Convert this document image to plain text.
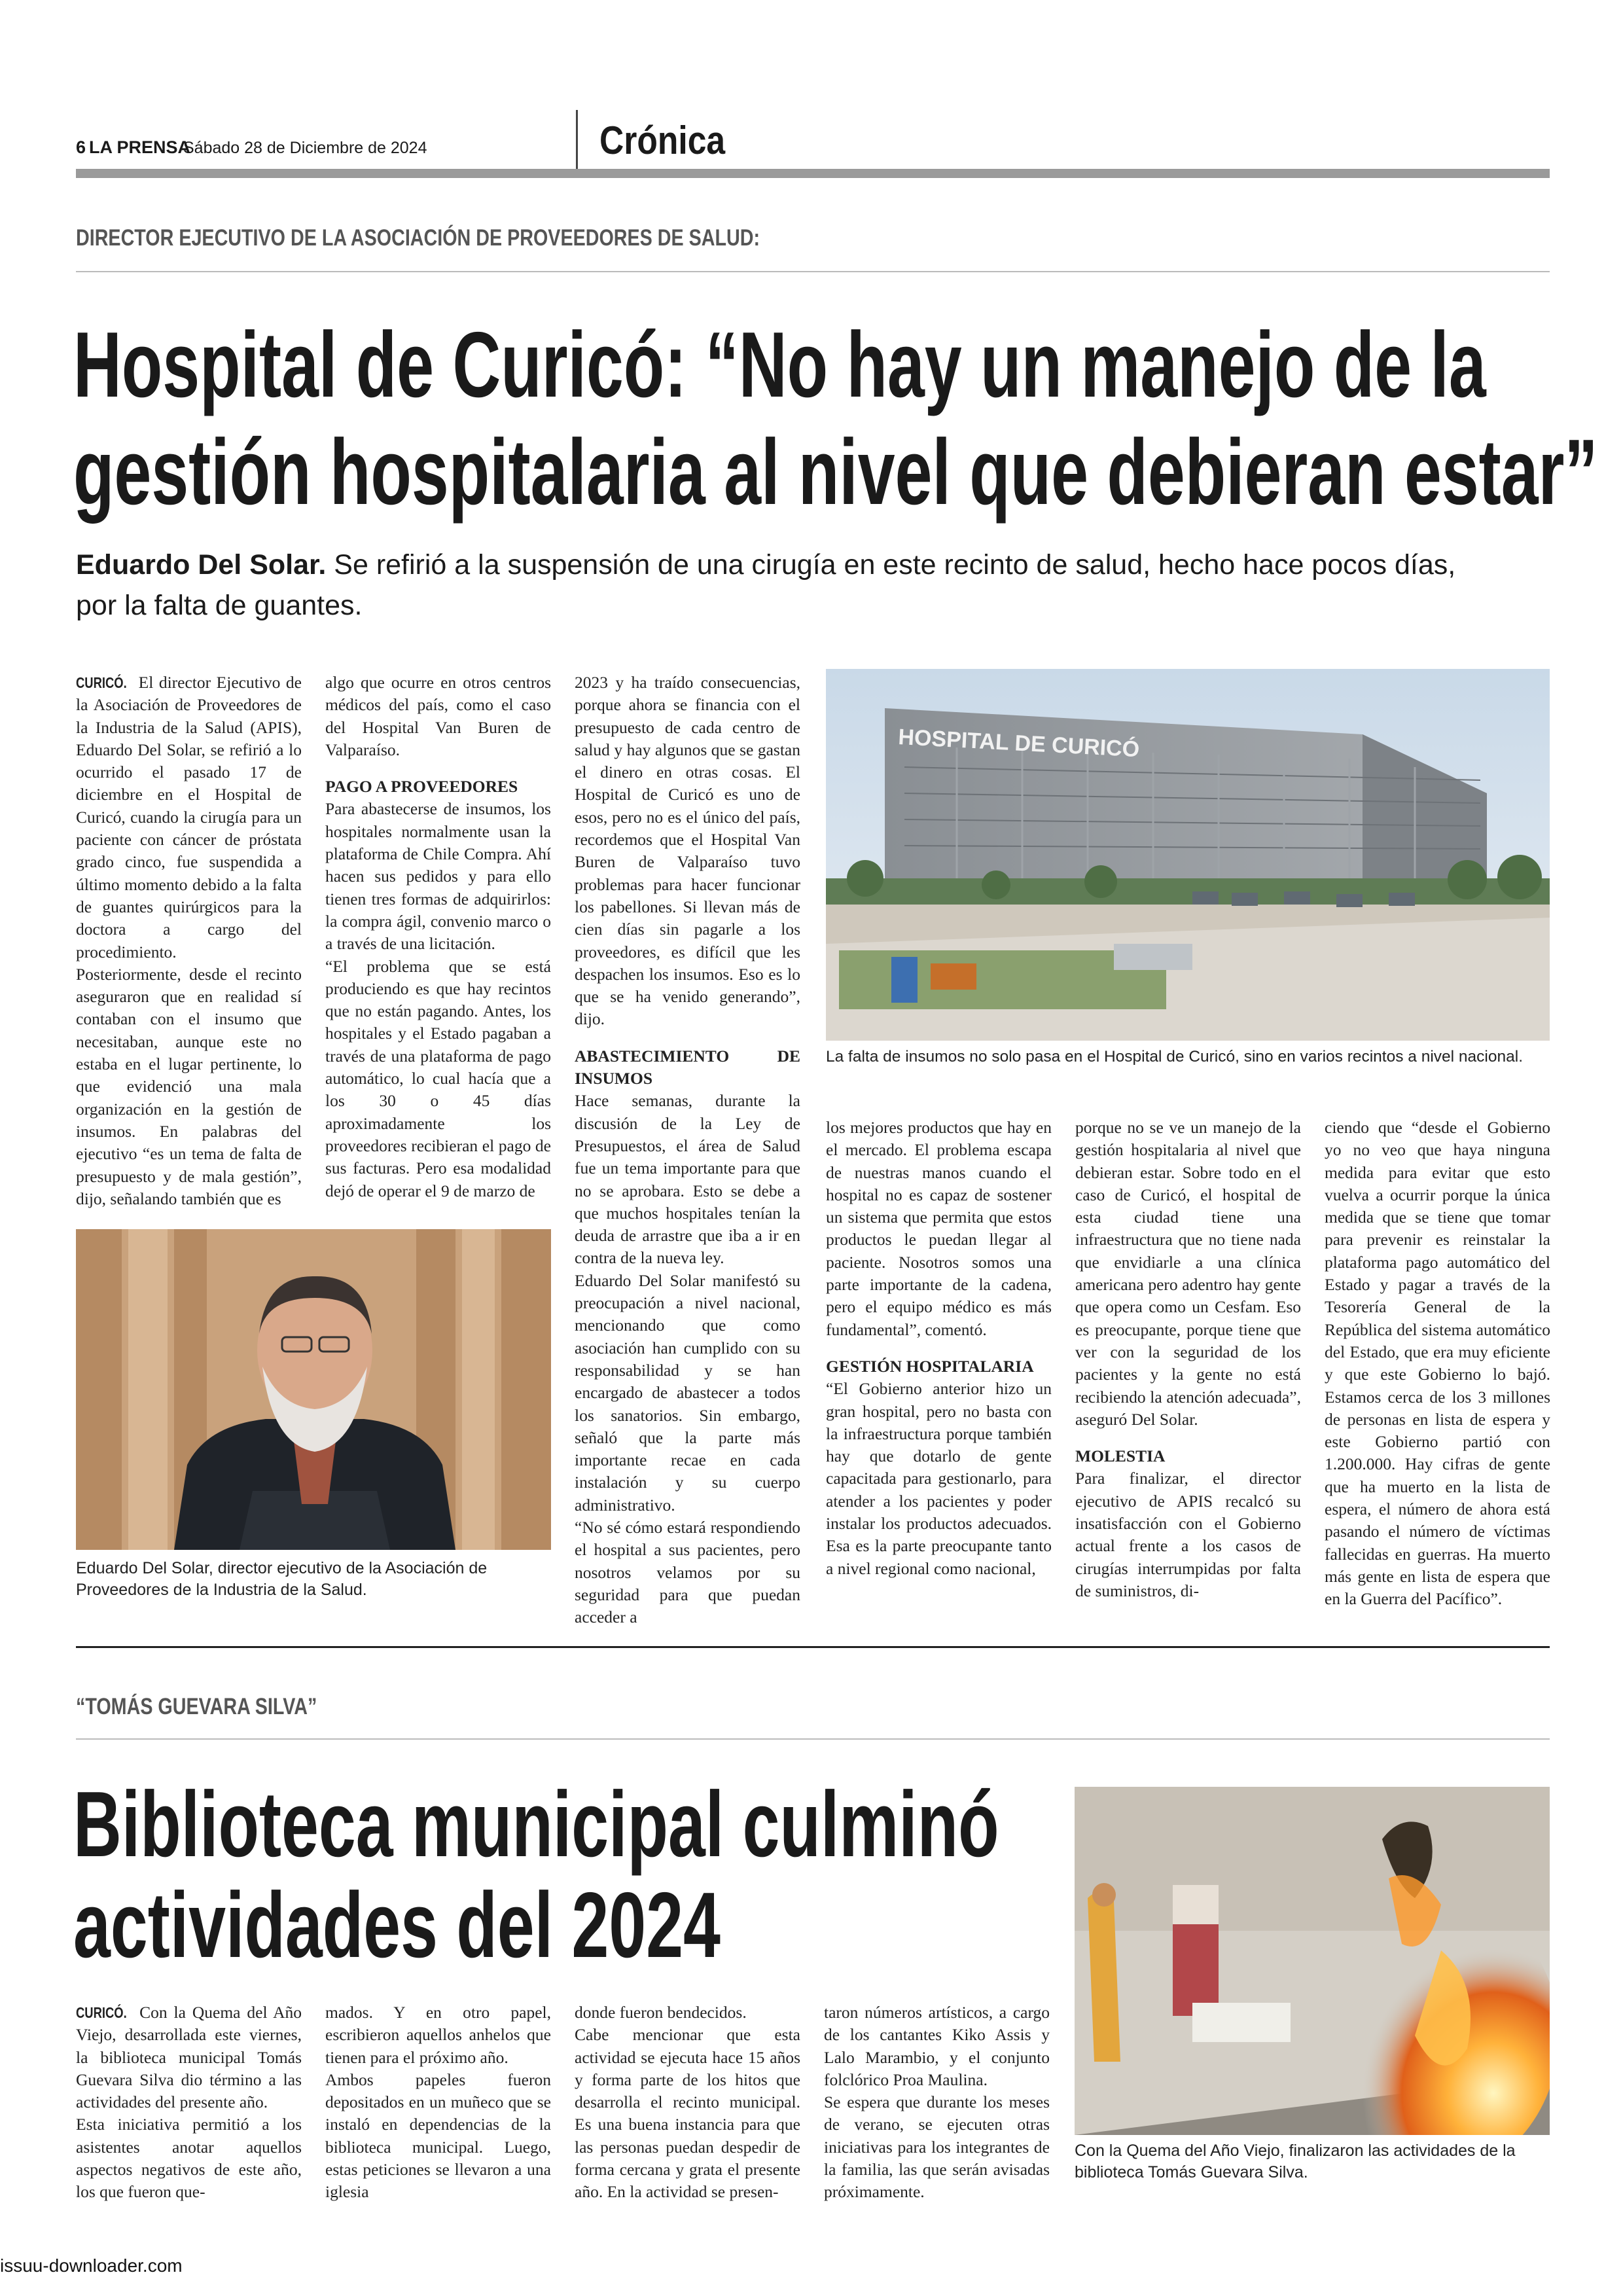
6 LA PRENSA
Sábado 28 de Diciembre de 2024	Crónica
DIRECTOR EJECUTIVO DE LA ASOCIACIÓN DE PROVEEDORES DE SALUD:
Hospital de Curicó: “No hay un manejo de la
gestión hospitalaria al nivel que debieran estar”
Eduardo Del Solar. Se refirió a la suspensión de una cirugía en este recinto de salud, hecho hace pocos días,
por la falta de guantes.

CURICÓ. El director Ejecutivo de la Asociación de Proveedores de la Industria de la Salud (APIS), Eduardo Del Solar, se refirió a lo ocurrido el pasado 17 de diciembre en el Hospital de Curicó, cuando la cirugía para un paciente con cáncer de próstata grado cinco, fue suspendida a último momento debido a la falta de guantes quirúrgicos para la doctora a cargo del procedimiento.

Posteriormente, desde el recinto aseguraron que en realidad sí contaban con el insumo que necesitaban, aunque este no estaba en el lugar pertinente, lo que evidenció una mala organización en la gestión de insumos. En palabras del ejecutivo “es un tema de falta de presupuesto y de mala gestión”, dijo, señalando también que es

algo que ocurre en otros centros médicos del país, como el caso del Hospital Van Buren de Valparaíso.

PAGO A PROVEEDORES

Para abastecerse de insumos, los hospitales normalmente usan la plataforma de Chile Compra. Ahí hacen sus pedidos y para ello tienen tres formas de adquirirlos: la compra ágil, convenio marco o a través de una licitación.

“El problema que se está produciendo es que hay recintos que no están pagando. Antes, los hospitales y el Estado pagaban a través de una plataforma de pago automático, lo cual hacía que a los 30 o 45 días aproximadamente los proveedores recibieran el pago de sus facturas. Pero esa modalidad dejó de operar el 9 de marzo de

2023 y ha traído consecuencias, porque ahora se financia con el presupuesto de cada centro de salud y hay algunos que se gastan el dinero en otras cosas. El Hospital de Curicó es uno de esos, pero no es el único del país, recordemos que el Hospital Van Buren de Valparaíso tuvo problemas para hacer funcionar los pabellones. Si llevan más de cien días sin pagarle a los proveedores, es difícil que les despachen los insumos. Eso es lo que se ha venido generando”, dijo.

ABASTECIMIENTO DE INSUMOS

Hace semanas, durante la discusión de la Ley de Presupuestos, el área de Salud fue un tema importante para que no se aprobara. Esto se debe a que muchos hospitales tenían la deuda de arrastre que iba a ir en contra de la nueva ley.

Eduardo Del Solar manifestó su preocupación a nivel nacional, mencionando que como asociación han cumplido con su responsabilidad y se han encargado de abastecer a todos los sanatorios. Sin embargo, señaló que la parte más importante recae en cada instalación y su cuerpo administrativo.

“No sé cómo estará respondiendo el hospital a sus pacientes, pero nosotros velamos por su seguridad para que puedan acceder a

HOSPITAL DE CURICÓ
La falta de insumos no solo pasa en el Hospital de Curicó, sino en varios recintos a nivel nacional.

los mejores productos que hay en el mercado. El problema escapa de nuestras manos cuando el hospital no es capaz de sostener un sistema que permita que estos productos le puedan llegar al paciente. Nosotros somos una parte importante de la cadena, pero el equipo médico es más fundamental”, comentó.

GESTIÓN HOSPITALARIA

“El Gobierno anterior hizo un gran hospital, pero no basta con la infraestructura porque también hay que dotarlo de gente capacitada para gestionarlo, para atender a los pacientes y poder instalar los productos adecuados. Esa es la parte preocupante tanto a nivel regional como nacional,

porque no se ve un manejo de la gestión hospitalaria al nivel que debieran estar. Sobre todo en el caso de Curicó, el hospital de esta ciudad tiene una infraestructura que no tiene nada que envidiarle a una clínica americana pero adentro hay gente que opera como un Cesfam. Eso es preocupante, porque tiene que ver con la seguridad de los pacientes y la gente no está recibiendo la atención adecuada”, aseguró Del Solar.

MOLESTIA

Para finalizar, el director ejecutivo de APIS recalcó su insatisfacción con el Gobierno actual frente a los casos de cirugías interrumpidas por falta de suministros, di-

ciendo que “desde el Gobierno yo no veo que haya ninguna medida para evitar que esto vuelva a ocurrir porque la única medida que se tiene que tomar para prevenir es reinstalar la plataforma pago automático del Estado y pagar a través de la Tesorería General de la República del sistema automático del Estado, que era muy eficiente y que este Gobierno lo bajó. Estamos cerca de los 3 millones de personas en lista de espera y este Gobierno partió con 1.200.000. Hay cifras de gente que ha muerto en la lista de espera, el número de ahora está pasando el número de víctimas fallecidas en guerras. Ha muerto más gente en lista de espera que en la Guerra del Pacífico”.

Eduardo Del Solar, director ejecutivo de la Asociación de
Proveedores de la Industria de la Salud.
“TOMÁS GUEVARA SILVA”
Biblioteca municipal culminó
actividades del 2024

CURICÓ. Con la Quema del Año Viejo, desarrollada este viernes, la biblioteca municipal Tomás Guevara Silva dio término a las actividades del presente año.

Esta iniciativa permitió a los asistentes anotar aquellos aspectos negativos de este año, los que fueron que-

mados. Y en otro papel, escribieron aquellos anhelos que tienen para el próximo año.

Ambos papeles fueron depositados en un muñeco que se instaló en dependencias de la biblioteca municipal. Luego, estas peticiones se llevaron a una iglesia

donde fueron bendecidos.

Cabe mencionar que esta actividad se ejecuta hace 15 años y forma parte de los hitos que desarrolla el recinto municipal. Es una buena instancia para que las personas puedan despedir de forma cercana y grata el presente año. En la actividad se presen-

taron números artísticos, a cargo de los cantantes Kiko Assis y Lalo Marambio, y el conjunto folclórico Proa Maulina.

Se espera que durante los meses de verano, se ejecuten otras iniciativas para los integrantes de la familia, las que serán avisadas próximamente.

Con la Quema del Año Viejo, finalizaron las actividades de la
biblioteca Tomás Guevara Silva.
issuu-downloader.com
